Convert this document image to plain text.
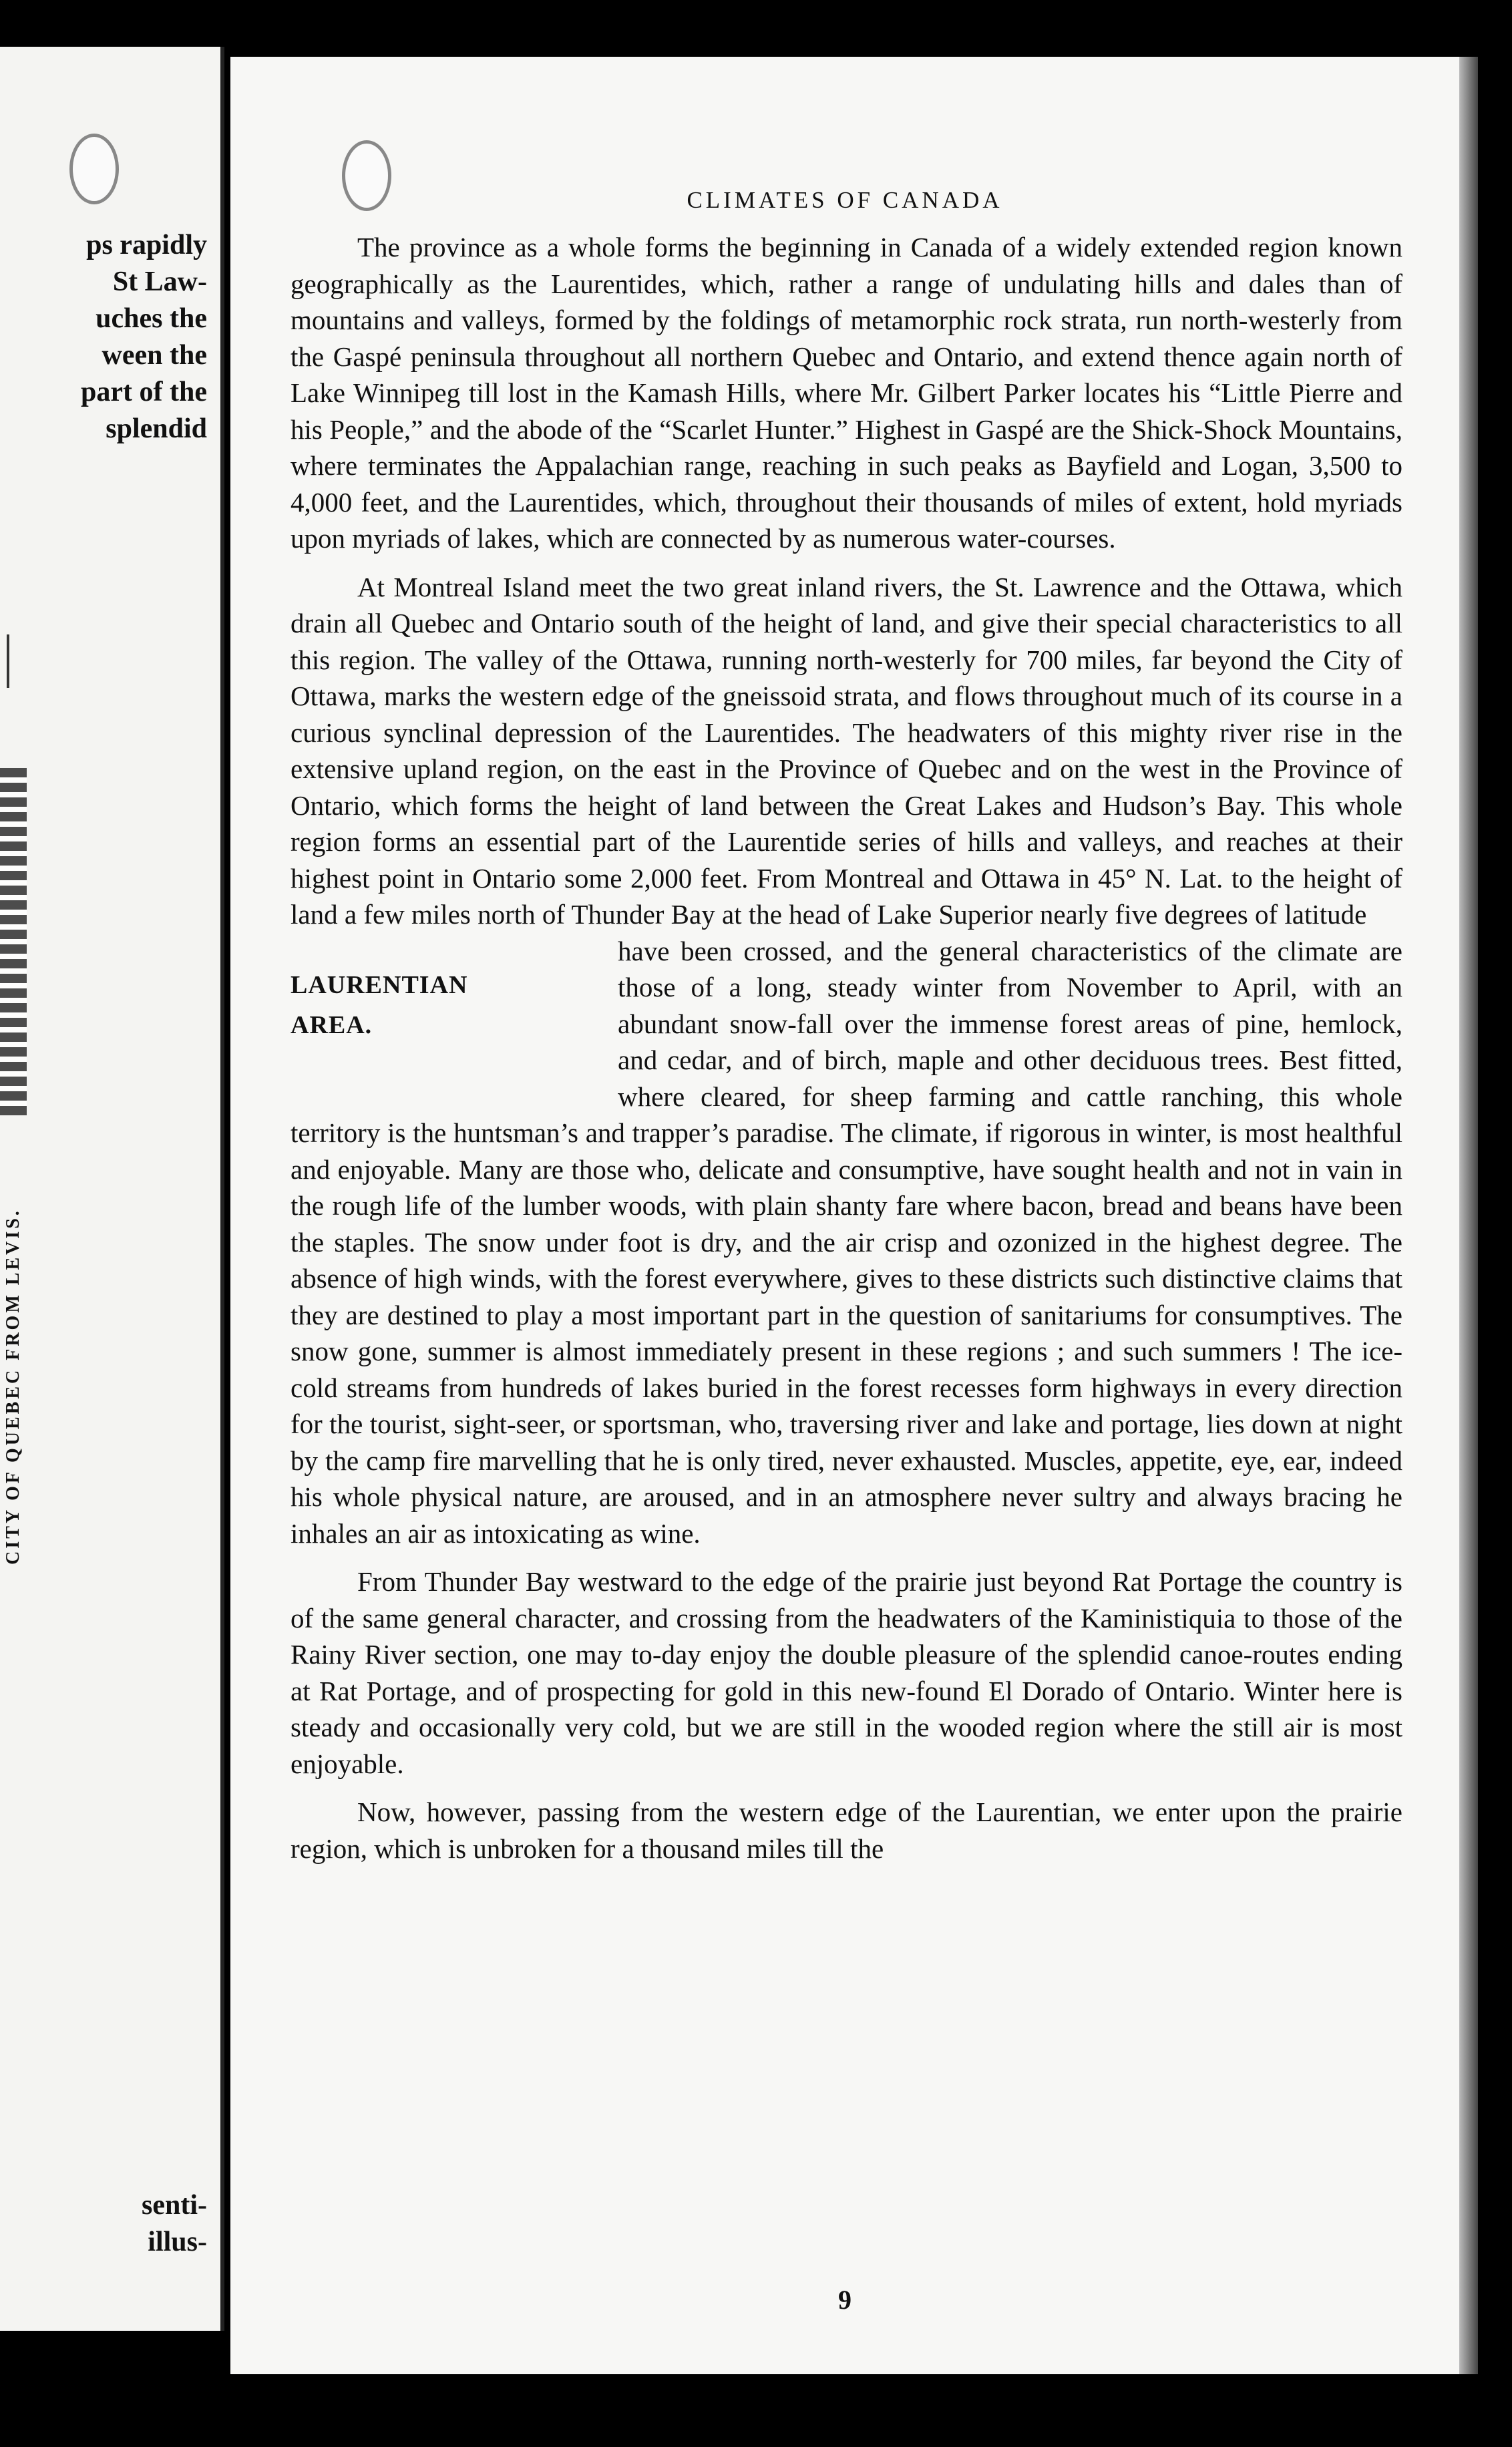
ps rapidly
St Law-
uches the
ween the
part of the
splendid
CITY OF QUEBEC FROM LEVIS.
senti-
illus-
CLIMATES OF CANADA

The province as a whole forms the beginning in Canada of a widely extended region known geographically as the Laurentides, which, rather a range of undulating hills and dales than of mountains and valleys, formed by the foldings of metamorphic rock strata, run north-westerly from the Gaspé peninsula throughout all northern Quebec and Ontario, and extend thence again north of Lake Winnipeg till lost in the Kamash Hills, where Mr. Gilbert Parker locates his “Little Pierre and his People,” and the abode of the “Scarlet Hunter.” Highest in Gaspé are the Shick-Shock Mountains, where terminates the Appalachian range, reaching in such peaks as Bayfield and Logan, 3,500 to 4,000 feet, and the Laurentides, which, throughout their thousands of miles of extent, hold myriads upon myriads of lakes, which are connected by as numerous water-courses.

At Montreal Island meet the two great inland rivers, the St. Lawrence and the Ottawa, which drain all Quebec and Ontario south of the height of land, and give their special characteristics to all this region. The valley of the Ottawa, running north-westerly for 700 miles, far beyond the City of Ottawa, marks the western edge of the gneissoid strata, and flows throughout much of its course in a curious synclinal depression of the Laurentides. The headwaters of this mighty river rise in the extensive upland region, on the east in the Province of Quebec and on the west in the Province of Ontario, which forms the height of land between the Great Lakes and Hudson’s Bay. This whole region forms an essential part of the Laurentide series of hills and valleys, and reaches at their highest point in Ontario some 2,000 feet. From Montreal and Ottawa in 45° N. Lat. to the height of land a few miles north of Thunder Bay at the head of Lake Superior nearly five degrees of latitude

LAURENTIAN
AREA.
have been crossed, and the general characteristics of the climate are those of a long, steady winter from November to April, with an abundant snow-fall over the immense forest areas of pine, hemlock, and cedar, and of birch, maple and other deciduous trees. Best fitted, where cleared, for sheep farming and cattle ranching, this whole territory is the huntsman’s and trapper’s paradise. The climate, if rigorous in winter, is most healthful and enjoyable. Many are those who, delicate and consumptive, have sought health and not in vain in the rough life of the lumber woods, with plain shanty fare where bacon, bread and beans have been the staples. The snow under foot is dry, and the air crisp and ozonized in the highest degree. The absence of high winds, with the forest everywhere, gives to these districts such distinctive claims that they are destined to play a most important part in the question of sanitariums for consumptives. The snow gone, summer is almost immediately present in these regions ; and such summers ! The ice-cold streams from hundreds of lakes buried in the forest recesses form highways in every direction for the tourist, sight-seer, or sportsman, who, traversing river and lake and portage, lies down at night by the camp fire marvelling that he is only tired, never exhausted. Muscles, appetite, eye, ear, indeed his whole physical nature, are aroused, and in an atmosphere never sultry and always bracing he inhales an air as intoxicating as wine.

From Thunder Bay westward to the edge of the prairie just beyond Rat Portage the country is of the same general character, and crossing from the headwaters of the Kaministiquia to those of the Rainy River section, one may to-day enjoy the double pleasure of the splendid canoe-routes ending at Rat Portage, and of prospecting for gold in this new-found El Dorado of Ontario. Winter here is steady and occasionally very cold, but we are still in the wooded region where the still air is most enjoyable.

Now, however, passing from the western edge of the Laurentian, we enter upon the prairie region, which is unbroken for a thousand miles till the

9
